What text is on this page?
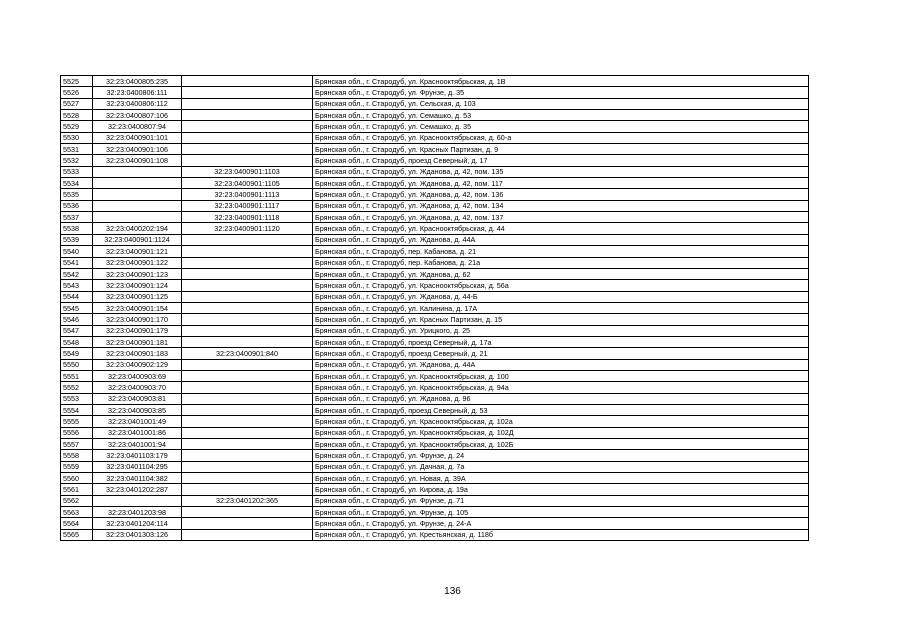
5525	32:23:0400805:235		Брянская обл., г. Стародуб, ул. Краснооктябрьская, д. 1В
5526	32:23:0400806:111		Брянская обл., г. Стародуб, ул. Фрунзе, д. 35
5527	32:23:0400806:112		Брянская обл., г. Стародуб, ул. Сельская, д. 103
5528	32:23:0400807:106		Брянская обл., г. Стародуб, ул. Семашко, д. 53
5529	32:23:0400807:94		Брянская обл., г. Стародуб, ул. Семашко, д. 35
5530	32:23:0400901:101		Брянская обл., г. Стародуб, ул. Краснооктябрьская, д. 60-а
5531	32:23:0400901:106		Брянская обл., г. Стародуб, ул. Красных Партизан, д. 9
5532	32:23:0400901:108		Брянская обл., г. Стародуб, проезд Северный, д. 17
5533		32:23:0400901:1103	Брянская обл., г. Стародуб, ул. Жданова, д. 42, пом. 135
5534		32:23:0400901:1105	Брянская обл., г. Стародуб, ул. Жданова, д. 42, пом. 117
5535		32:23:0400901:1113	Брянская обл., г. Стародуб, ул. Жданова, д. 42, пом. 136
5536		32:23:0400901:1117	Брянская обл., г. Стародуб, ул. Жданова, д. 42, пом. 134
5537		32:23:0400901:1118	Брянская обл., г. Стародуб, ул. Жданова, д. 42, пом. 137
5538	32:23:0400202:194	32:23:0400901:1120	Брянская обл., г. Стародуб, ул. Краснооктябрьская, д. 44
5539	32:23:0400901:1124		Брянская обл., г. Стародуб, ул. Жданова, д. 44А
5540	32:23:0400901:121		Брянская обл., г. Стародуб, пер. Кабанова, д. 21
5541	32:23:0400901:122		Брянская обл., г. Стародуб, пер. Кабанова, д. 21а
5542	32:23:0400901:123		Брянская обл., г. Стародуб, ул. Жданова, д. 62
5543	32:23:0400901:124		Брянская обл., г. Стародуб, ул. Краснооктябрьская, д. 56а
5544	32:23:0400901:125		Брянская обл., г. Стародуб, ул. Жданова, д. 44-Б
5545	32:23:0400901:154		Брянская обл., г. Стародуб, ул. Калинина, д. 17А
5546	32:23:0400901:170		Брянская обл., г. Стародуб, ул. Красных Партизан, д. 15
5547	32:23:0400901:179		Брянская обл., г. Стародуб, ул. Урицкого, д. 25
5548	32:23:0400901:181		Брянская обл., г. Стародуб, проезд Северный, д. 17а
5549	32:23:0400901:183	32:23:0400901:840	Брянская обл., г. Стародуб, проезд Северный, д. 21
5550	32:23:0400902:129		Брянская обл., г. Стародуб, ул. Жданова, д. 44А
5551	32:23:0400903:69		Брянская обл., г. Стародуб, ул. Краснооктябрьская, д. 100
5552	32:23:0400903:70		Брянская обл., г. Стародуб, ул. Краснооктябрьская, д. 94а
5553	32:23:0400903:81		Брянская обл., г. Стародуб, ул. Жданова, д. 96
5554	32:23:0400903:85		Брянская обл., г. Стародуб, проезд Северный, д. 53
5555	32:23:0401001:49		Брянская обл., г. Стародуб, ул. Краснооктябрьская, д. 102а
5556	32:23:0401001:86		Брянская обл., г. Стародуб, ул. Краснооктябрьская, д. 102Д
5557	32:23:0401001:94		Брянская обл., г. Стародуб, ул. Краснооктябрьская, д. 102Б
5558	32:23:0401103:179		Брянская обл., г. Стародуб, ул. Фрунзе, д. 24
5559	32:23:0401104:295		Брянская обл., г. Стародуб, ул. Дачная, д. 7а
5560	32:23:0401104:382		Брянская обл., г. Стародуб, ул. Новая, д. 39А
5561	32:23:0401202:287		Брянская обл., г. Стародуб, ул. Кирова, д. 19а
5562		32:23:0401202:365	Брянская обл., г. Стародуб, ул. Фрунзе, д. 71
5563	32:23:0401203:98		Брянская обл., г. Стародуб, ул. Фрунзе, д. 105
5564	32:23:0401204:114		Брянская обл., г. Стародуб, ул. Фрунзе, д. 24-А
5565	32:23:0401303:126		Брянская обл., г. Стародуб, ул. Крестьянская, д. 118б
136
